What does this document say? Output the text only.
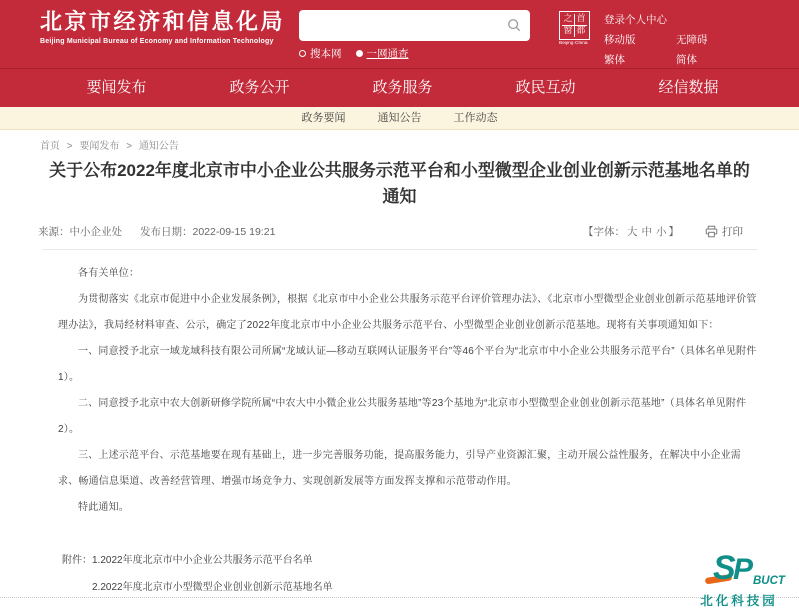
北京市经济和信息化局
Beijing Municipal Bureau of Economy and Information Technology
搜本网 一网通查
之 首
窗 都
Beijing·China
登录个人中心
移动版	无障碍
繁体	简体
要闻发布	政务公开	政务服务	政民互动	经信数据
政务要闻	通知公告	工作动态
首页 > 要闻发布 > 通知公告
关于公布2022年度北京市中小企业公共服务示范平台和小型微型企业创业创新示范基地名单的通知
来源：中小企业处 发布日期：2022-09-15 19:21	【字体： 大 中 小 】	打印

各有关单位：

为贯彻落实《北京市促进中小企业发展条例》，根据《北京市中小企业公共服务示范平台评价管理办法》、《北京市小型微型企业创业创新示范基地评价管理办法》，我局经材料审查、公示，确定了2022年度北京市中小企业公共服务示范平台、小型微型企业创业创新示范基地。现将有关事项通知如下：

一、同意授予北京一域龙域科技有限公司所属“龙域认证—移动互联网认证服务平台”等46个平台为“北京市中小企业公共服务示范平台”（具体名单见附件1）。

二、同意授予北京中农大创新研修学院所属“中农大中小微企业公共服务基地”等23个基地为“北京市小型微型企业创业创新示范基地”（具体名单见附件2）。

三、上述示范平台、示范基地要在现有基础上，进一步完善服务功能，提高服务能力，引导产业资源汇聚，主动开展公益性服务，在解决中小企业需求、畅通信息渠道、改善经营管理、增强市场竞争力、实现创新发展等方面发挥支撑和示范带动作用。

特此通知。

附件： 1.2022年度北京市中小企业公共服务示范平台名单
2.2022年度北京市小型微型企业创业创新示范基地名单
S
P BUCT
北化科技园
